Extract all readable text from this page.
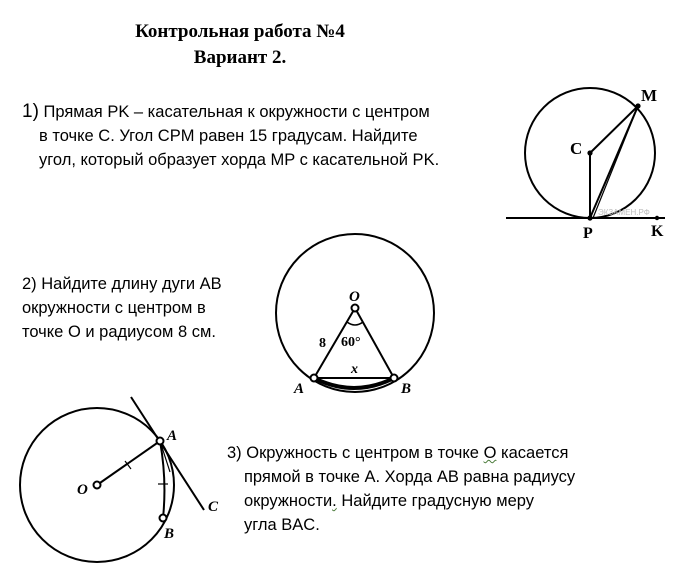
Контрольная работа №4
Вариант 2.
1) Прямая PK – касательная к окружности с центром
в точке C. Угол CPM равен 15 градусам. Найдите
угол, который образует хорда MP с касательной PK.
2) Найдите длину дуги AB
окружности с центром в
точке O и радиусом 8 см.
3) Окружность с центром в точке O касается
прямой в точке A. Хорда AB равна радиусу
окружности. Найдите градусную меру
угла BAC.
ЭКЗАМЕН.РФ
M
C
P	K
O
A	B
8 60°
x
O
A
B
C
